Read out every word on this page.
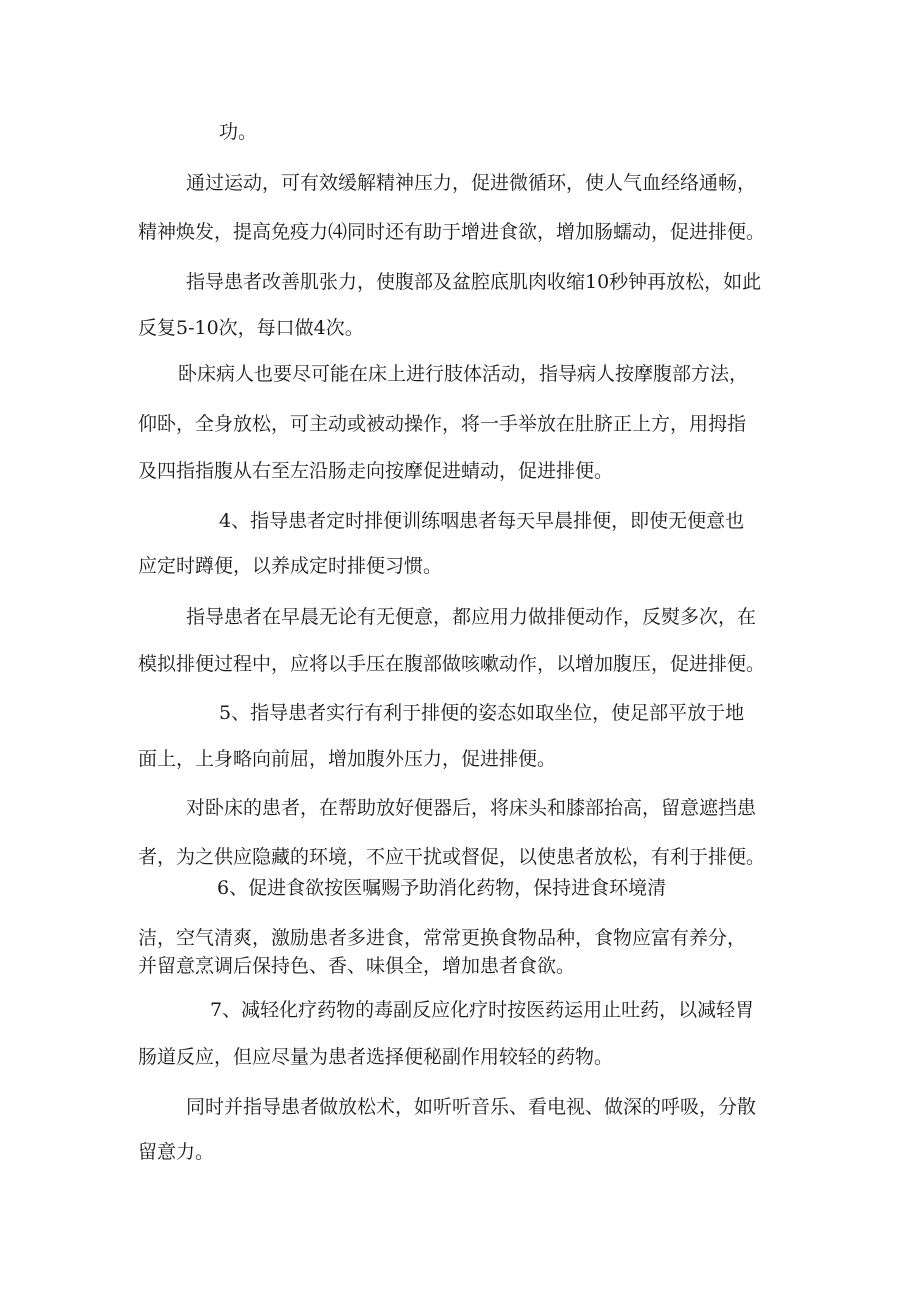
功。
通过运动，可有效缓解精神压力，促进微循环，使人气血经络通畅，
精神焕发，提高免疫力⑷同时还有助于增进食欲，增加肠蠕动，促进排便。
指导患者改善肌张力，使腹部及盆腔底肌肉收缩10秒钟再放松，如此
反复5-10次，每口做4次。
卧床病人也要尽可能在床上进行肢体活动，指导病人按摩腹部方法，
仰卧，全身放松，可主动或被动操作，将一手举放在肚脐正上方，用拇指
及四指指腹从右至左沿肠走向按摩促进蜻动，促进排便。
4、指导患者定时排便训练咽患者每天早晨排便，即使无便意也
应定时蹲便，以养成定时排便习惯。
指导患者在早晨无论有无便意，都应用力做排便动作，反熨多次，在
模拟排便过程中，应将以手压在腹部做咳嗽动作，以增加腹压，促进排便。
5、指导患者实行有利于排便的姿态如取坐位，使足部平放于地
面上，上身略向前屈，增加腹外压力，促进排便。
对卧床的患者，在帮助放好便器后，将床头和膝部抬高，留意遮挡患
者，为之供应隐藏的环境，不应干扰或督促，以使患者放松，有利于排便。
6、促进食欲按医嘱赐予助消化药物，保持进食环境清
洁，空气清爽，激励患者多进食，常常更换食物品种，食物应富有养分，
并留意烹调后保持色、香、味俱全，增加患者食欲。
7、减轻化疗药物的毒副反应化疗时按医药运用止吐药，以减轻胃
肠道反应，但应尽量为患者选择便秘副作用较轻的药物。
同时并指导患者做放松术，如听听音乐、看电视、做深的呼吸，分散
留意力。
